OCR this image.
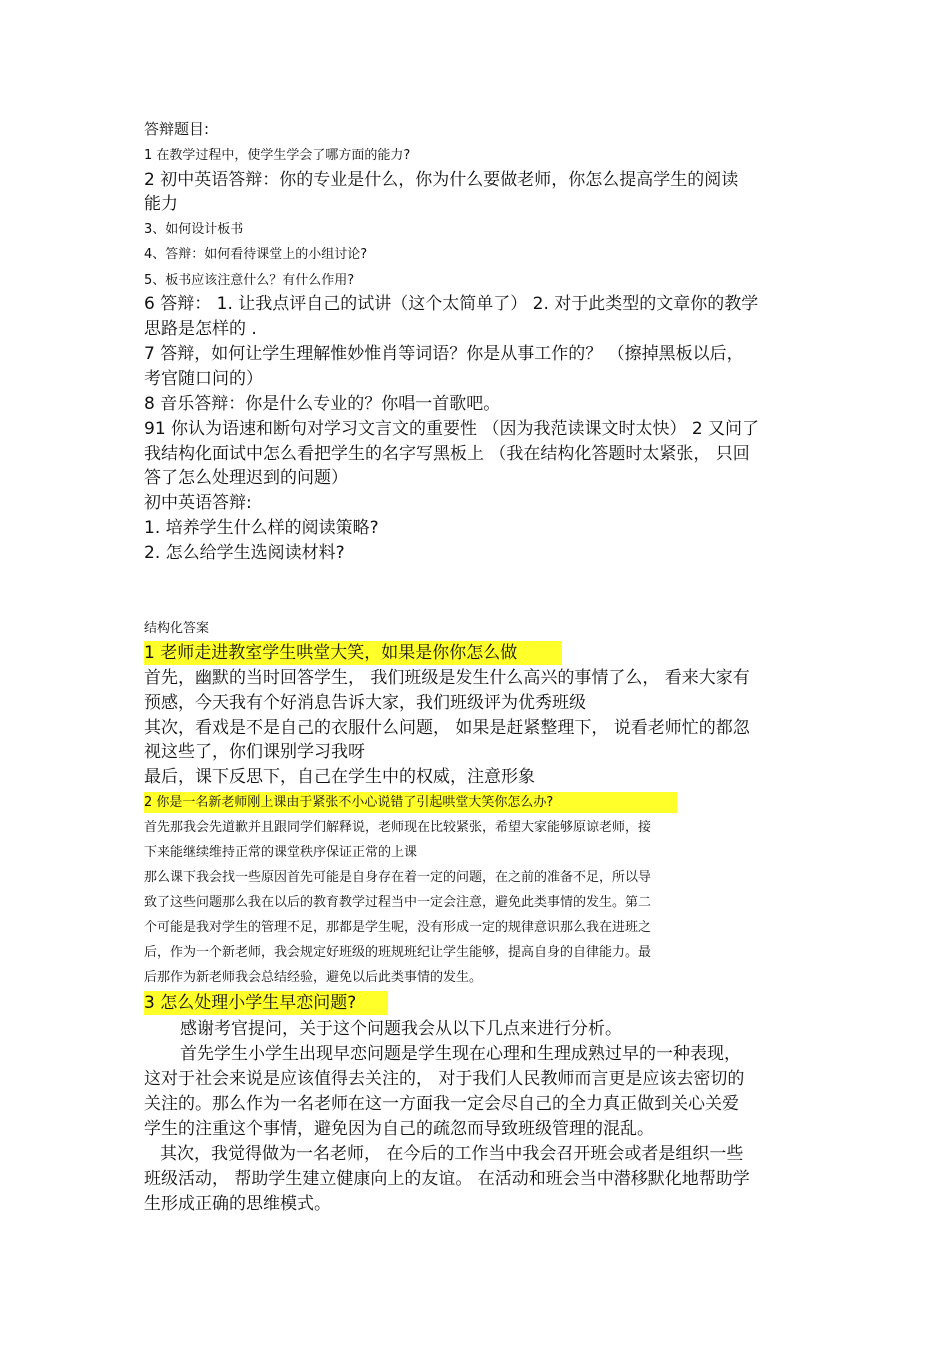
答辩题目:
1 在教学过程中，使学生学会了哪方面的能力?
2 初中英语答辩：你的专业是什么，你为什么要做老师，你怎么提高学生的阅读
能力
3、如何设计板书
4、答辩：如何看待课堂上的小组讨论?
5、板书应该注意什么？有什么作用?
6 答辩： 1. 让我点评自己的试讲（这个太简单了） 2. 对于此类型的文章你的教学
思路是怎样的 .
7 答辩，如何让学生理解惟妙惟肖等词语？你是从事工作的？ （擦掉黑板以后，
考官随口问的）
8 音乐答辩：你是什么专业的？你唱一首歌吧。
91 你认为语速和断句对学习文言文的重要性 （因为我范读课文时太快） 2 又问了
我结构化面试中怎么看把学生的名字写黑板上 （我在结构化答题时太紧张， 只回
答了怎么处理迟到的问题）
初中英语答辩:
1. 培养学生什么样的阅读策略?
2. 怎么给学生选阅读材料?
结构化答案
1 老师走进教室学生哄堂大笑，如果是你你怎么做
首先，幽默的当时回答学生， 我们班级是发生什么高兴的事情了么， 看来大家有
预感，今天我有个好消息告诉大家，我们班级评为优秀班级
其次，看戏是不是自己的衣服什么问题， 如果是赶紧整理下， 说看老师忙的都忽
视这些了，你们课别学习我呀
最后，课下反思下，自己在学生中的权威，注意形象
2 你是一名新老师刚上课由于紧张不小心说错了引起哄堂大笑你怎么办?
首先那我会先道歉并且跟同学们解释说，老师现在比较紧张，希望大家能够原谅老师，接
下来能继续维持正常的课堂秩序保证正常的上课
那么课下我会找一些原因首先可能是自身存在着一定的问题，在之前的准备不足，所以导
致了这些问题那么我在以后的教育教学过程当中一定会注意，避免此类事情的发生。第二
个可能是我对学生的管理不足，那都是学生呢，没有形成一定的规律意识那么我在进班之
后，作为一个新老师，我会规定好班级的班规班纪让学生能够，提高自身的自律能力。最
后那作为新老师我会总结经验，避免以后此类事情的发生。
3 怎么处理小学生早恋问题?
感谢考官提问，关于这个问题我会从以下几点来进行分析。
首先学生小学生出现早恋问题是学生现在心理和生理成熟过早的一种表现，
这对于社会来说是应该值得去关注的， 对于我们人民教师而言更是应该去密切的
关注的。那么作为一名老师在这一方面我一定会尽自己的全力真正做到关心关爱
学生的注重这个事情，避免因为自己的疏忽而导致班级管理的混乱。
其次，我觉得做为一名老师， 在今后的工作当中我会召开班会或者是组织一些
班级活动， 帮助学生建立健康向上的友谊。 在活动和班会当中潜移默化地帮助学
生形成正确的思维模式。
